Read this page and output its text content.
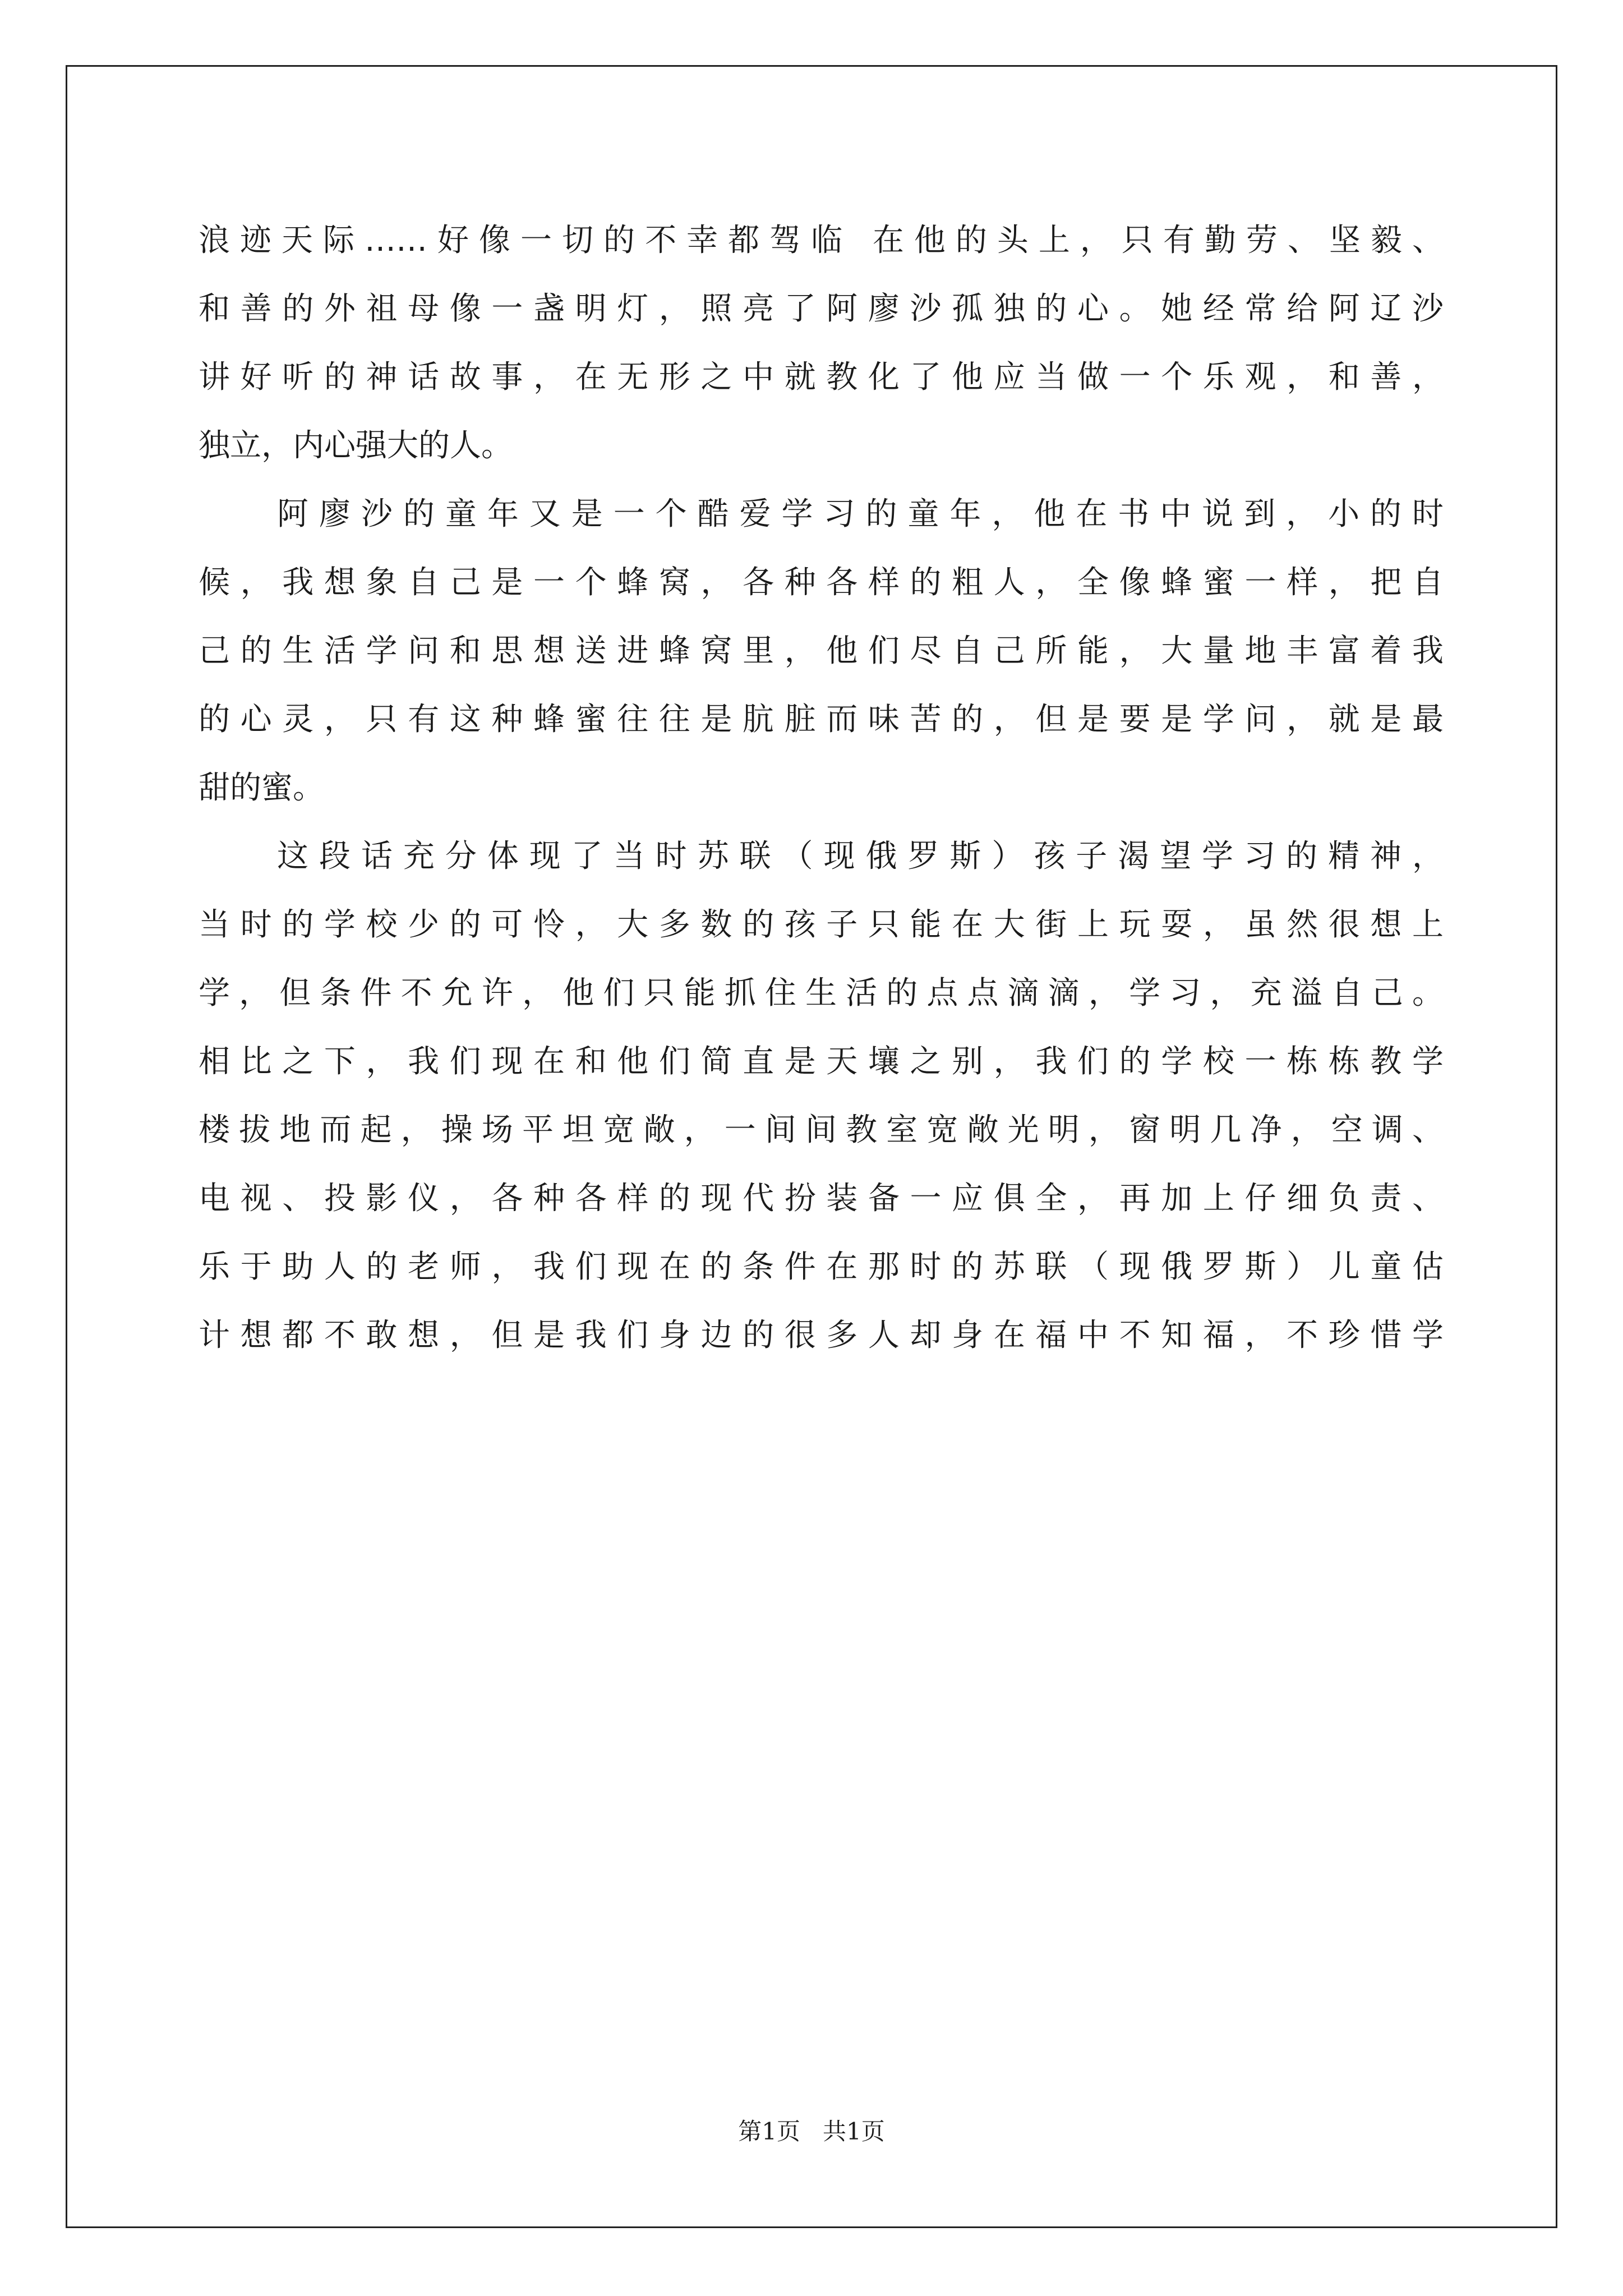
浪迹天际……好像一切的不幸都驾临 在他的头上，只有勤劳、坚毅、
和善的外祖母像一盏明灯，照亮了阿廖沙孤独的心。她经常给阿辽沙
讲好听的神话故事，在无形之中就教化了他应当做一个乐观，和善，
独立，内心强大的人。
阿廖沙的童年又是一个酷爱学习的童年，他在书中说到，小的时
候，我想象自己是一个蜂窝，各种各样的粗人，全像蜂蜜一样，把自
己的生活学问和思想送进蜂窝里，他们尽自己所能，大量地丰富着我
的心灵，只有这种蜂蜜往往是肮脏而味苦的，但是要是学问，就是最
甜的蜜。
这段话充分体现了当时苏联（现俄罗斯）孩子渴望学习的精神，
当时的学校少的可怜，大多数的孩子只能在大街上玩耍，虽然很想上
学，但条件不允许，他们只能抓住生活的点点滴滴，学习，充溢自己。
相比之下，我们现在和他们简直是天壤之别，我们的学校一栋栋教学
楼拔地而起，操场平坦宽敞，一间间教室宽敞光明，窗明几净，空调、
电视、投影仪，各种各样的现代扮装备一应俱全，再加上仔细负责、
乐于助人的老师，我们现在的条件在那时的苏联（现俄罗斯）儿童估
计想都不敢想，但是我们身边的很多人却身在福中不知福，不珍惜学
第1页 共1页
